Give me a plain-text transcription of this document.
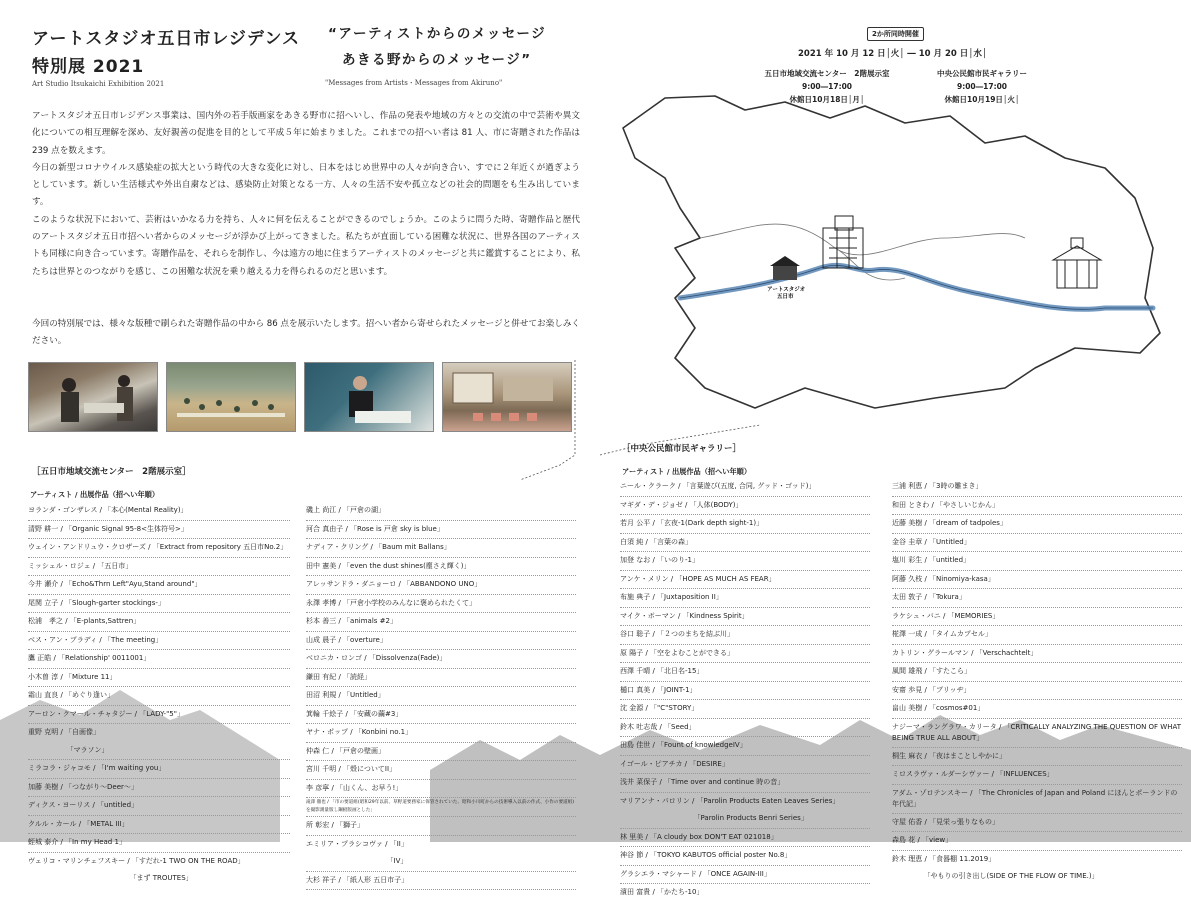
アートスタジオ五日市レジデンス
特別展 2021
Art Studio Itsukaichi Exhibition 2021
“アーティストからのメッセージ
あきる野からのメッセージ”
"Messages from Artists・Messages from Akiruno"

アートスタジオ五日市レジデンス事業は、国内外の若手版画家をあきる野市に招へいし、作品の発表や地域の方々との交流の中で芸術や異文化についての相互理解を深め、友好親善の促進を目的として平成５年に始まりました。これまでの招へい者は 81 人、市に寄贈された作品は 239 点を数えます。

今日の新型コロナウイルス感染症の拡大という時代の大きな変化に対し、日本をはじめ世界中の人々が向き合い、すでに２年近くが過ぎようとしています。新しい生活様式や外出自粛などは、感染防止対策となる一方、人々の生活不安や孤立などの社会的問題をも生み出しています。

このような状況下において、芸術はいかなる力を持ち、人々に何を伝えることができるのでしょうか。このように問うた時、寄贈作品と歴代のアートスタジオ五日市招へい者からのメッセージが浮かび上がってきました。私たちが直面している困難な状況に、世界各国のアーティストも同様に向き合っています。寄贈作品を、それらを制作し、今は遠方の地に住まうアーティストのメッセージと共に鑑賞することにより、私たちは世界とのつながりを感じ、この困難な状況を乗り越える力を得られるのだと思います。

今回の特別展では、様々な版種で刷られた寄贈作品の中から 86 点を展示いたします。招へい者から寄せられたメッセージと併せてお楽しみください。
2か所同時開催
2021 年 10 月 12 日│火│ ― 10 月 20 日│水│
五日市地域交流センター　2階展示室
9:00―17:00
休館日10月18日│月│
中央公民館市民ギャラリー
9:00―17:00
休館日10月19日│火│
アートスタジオ
五日市
［五日市地域交流センター　2階展示室］
アーティスト / 出展作品（招へい年順）
ヨランダ・ゴンザレス / 「本心(Mental Reality)」
清野 耕一 / 「Organic Signal 95-8<生体符号>」
ウェイン・アンドリュウ・クロザーズ / 「Extract from repository 五日市No.2」
ミッシェル・ロジェ / 「五日市」
今井 瀬介 / 「Echo&Thrn Left"Ayu,Stand around"」
尾関 立子 / 「Slough-garter stockings-」
松浦　孝之 / 「E-plants,Sattren」
ベス・アン・ブラディ / 「The meeting」
鷹 正皓 / 「Relationship' 0011001」
小木曽 淳 / 「Mixture 11」
霜山 直良 / 「めぐり逢い」
アーロン・クマール・チャタジー / 「LADY-"5"」
重野 克明 / 「自画像」
　　　　　　「マラソン」
ミラコラ・ジャコモ / 「I'm waiting you」
加藤 美樹 / 「つながり〜Deer〜」
ディクス・ヨーリス / 「untitled」
クルル・カール / 「METAL III」
蛭城 泰介 / 「In my Head 1」
ヴェリコ・マリンチェフスキー / 「すだれ-1 TWO ON THE ROAD」
　　　　　　　　　　　　　　　「まず TROUTES」
磯上 尚江 / 「戸倉の湖」
河合 真由子 / 「Rose is 戸倉 sky is blue」
ナディア・クリング / 「Baum mit Ballans」
田中 憲美 / 「even the dust shines(塵さえ輝く)」
アレッサンドラ・ダニョーロ / 「ABBANDONO UNO」
永澤 孝博 / 「戸倉小学校のみんなに褒められたくて」
杉本 善三 / 「animals #2」
山成 晨子 / 「overture」
ベロニカ・ロンゴ / 「Dissolvenza(Fade)」
鎌田 有紀 / 「読経」
田沼 利規 / 「Untitled」
箕輪 千絵子 / 「安藏の繭#3」
ヤナ・ポップ / 「Konbini no.1」
仲森 仁 / 「戸倉の壁画」
宮川 千明 / 「殻についてII」
李 彦寧 / 「山くん、お早う!」
滝澤 徹也 / 「市の要道組(昭和29年以前、草野道要務家に保管されていた、昭和小川町からの技術導入以前の作式、小作の要道組)を撮影測量版し鋼板版画とした」
所 彰宏 / 「獅子」
エミリア・プラシコヴァ / 「II」
　　　　　　　　　　　　「IV」
大杉 祥子 / 「紙人形 五日市子」
［中央公民館市民ギャラリー］
アーティスト / 出展作品（招へい年順）
ニール・クラーク / 「言葉遊び(五度, 合同, グッド・ゴッド)」
マギダ・デ・ジョゼ / 「人体(BODY)」
若月 公平 / 「玄夜-1(Dark depth sight-1)」
白須 純 / 「言葉の森」
加登 なお / 「いのり-1」
アンケ・メリン / 「HOPE AS MUCH AS FEAR」
布施 典子 / 「Juxtaposition II」
マイク・ボーマン / 「Kindness Spirit」
谷口 聡子 / 「２つのまちを結ぶ川」
原 陽子 / 「空をよむことができる」
西澤 千晴 / 「北日名-15」
樋口 真美 / 「JOINT-1」
沈 金源 / 「"C"STORY」
鈴木 吐志哉 / 「Seed」
田島 佳世 / 「Fount of knowledgeIV」
イゴール・ピアチカ / 「DESIRE」
浅井 菜保子 / 「Time over and continue 時の音」
マリアンナ・パロリン / 「Parolin Products Eaten Leaves Series」
　　　　　　　　　　　「Parolin Products Benri Series」
林 里美 / 「A cloudy box DON'T EAT 021018」
神谷 節 / 「TOKYO KABUTOS official poster No.8」
グラシエラ・マシャード / 「ONCE AGAIN-III」
濱田 富貴 / 「かたち-10」
三浦 利恵 / 「3時の雛まき」
和田 ときわ / 「やさしいじかん」
近藤 美樹 / 「dream of tadpoles」
金谷 圭章 / 「Untitled」
塩川 彩生 / 「untitled」
阿藤 久枝 / 「Ninomiya-kasa」
太田 敦子 / 「Tokura」
ラケシュ・バニ / 「MEMORIES」
椛澤 一成 / 「タイムカプセル」
カトリン・グラールマン / 「Verschachtelt」
風間 雄飛 / 「すたこら」
安齋 歩見 / 「ブリッヂ」
畠山 美樹 / 「cosmos#01」
ナジーマ・ラングラワ・カリータ / 「CRITICALLY ANALYZING THE QUESTION OF WHAT BEING TRUE ALL ABOUT」
桐生 麻衣 / 「夜はまことしやかに」
ミロスラヴァ・ルダーシヴァー / 「INFLUENCES」
アダム・ゾロテンスキー / 「The Chronicles of Japan and Poland にほんとポーランドの年代記」
守屋 佑香 / 「見栄っ張りなもの」
森島 花 / 「view」
鈴木 理恵 / 「食器棚 11.2019」
　　　　　「やもりの引き出し(SIDE OF THE FLOW OF TIME.)」
